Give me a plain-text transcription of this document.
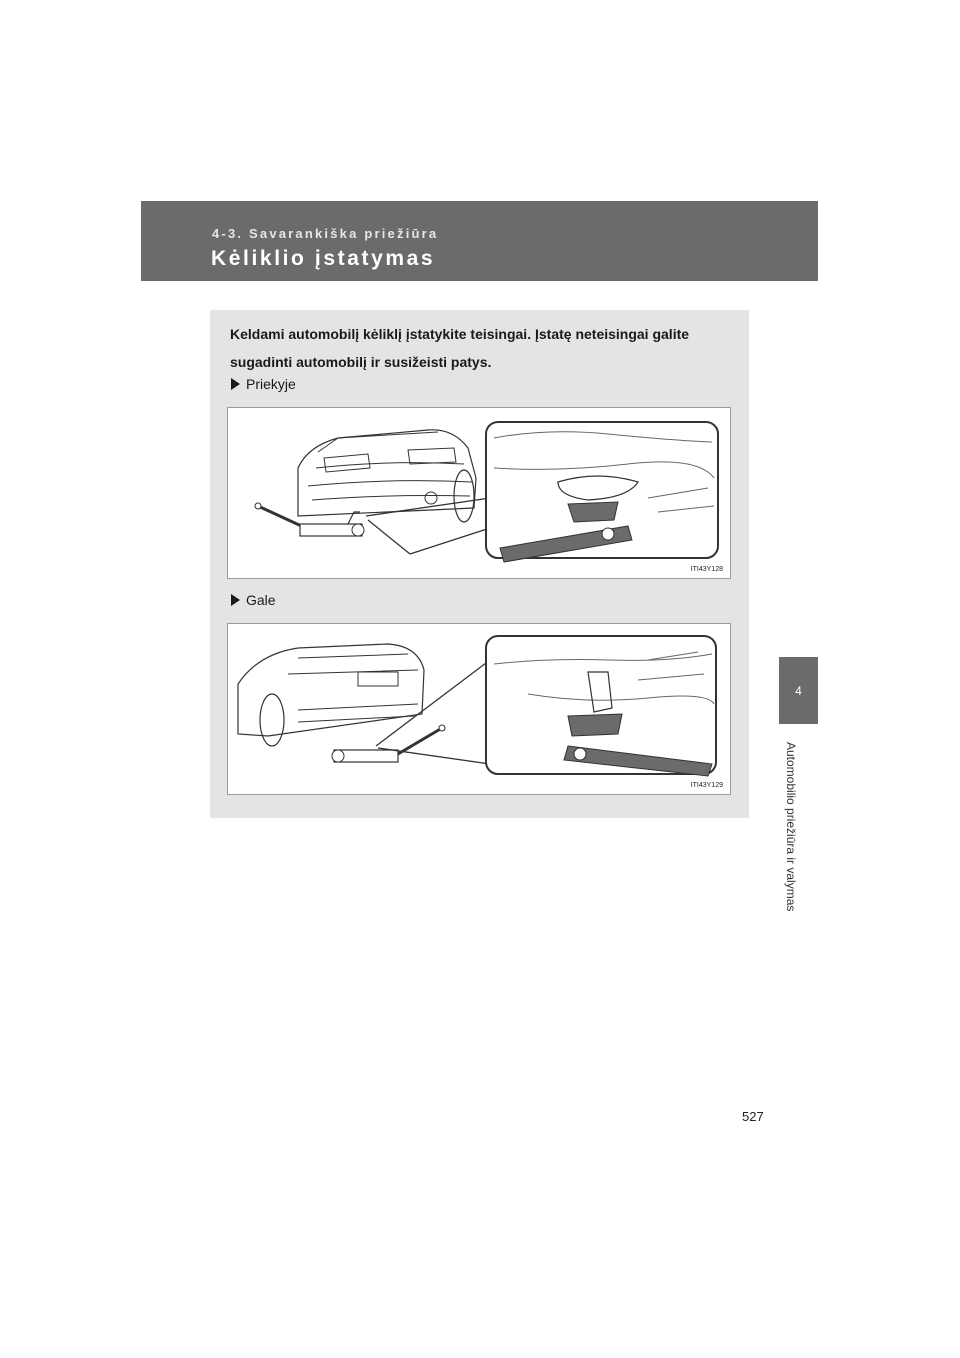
4-3. Savarankiška priežiūra
Kėliklio įstatymas
4
Automobilio priežiūra ir valymas
Keldami automobilį kėliklį įstatykite teisingai. Įstatę neteisingai galite sugadinti automobilį ir susižeisti patys.
Priekyje
ITI43Y128
Gale
ITI43Y129
527
